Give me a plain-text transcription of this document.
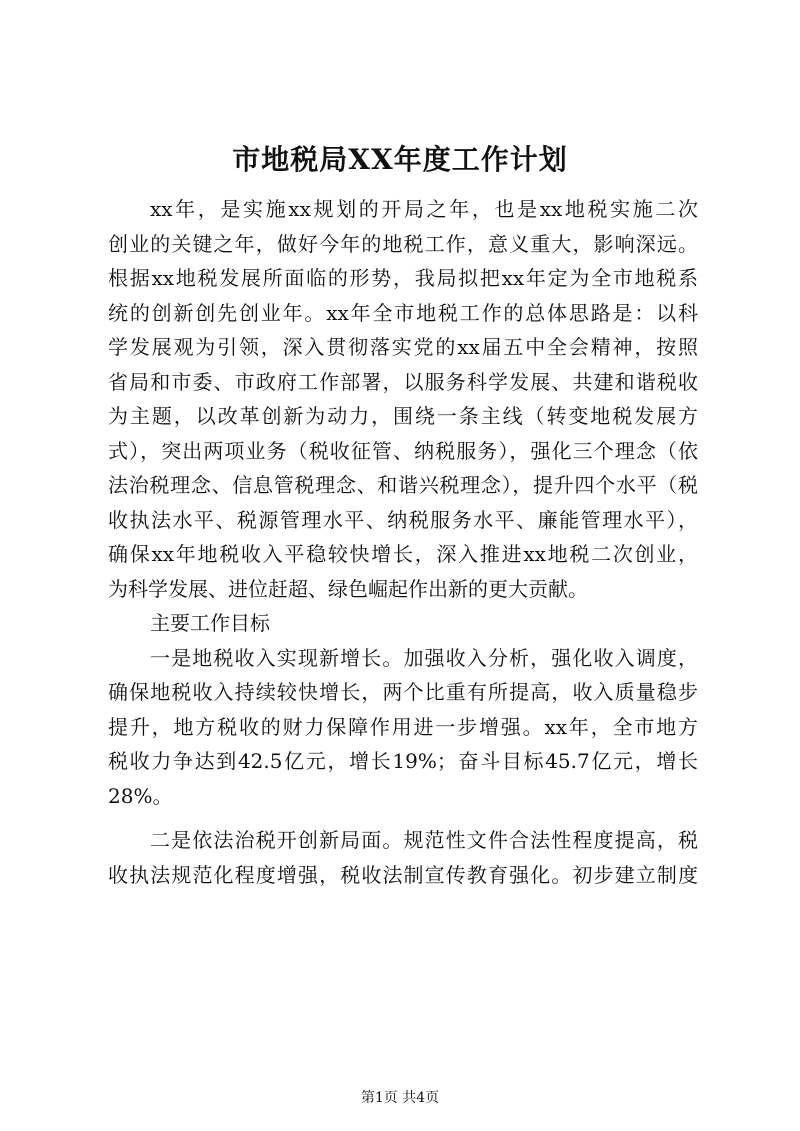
市地税局XX年度工作计划
xx年，是实施xx规划的开局之年，也是xx地税实施二次
创业的关键之年，做好今年的地税工作，意义重大，影响深远。
根据xx地税发展所面临的形势，我局拟把xx年定为全市地税系
统的创新创先创业年。xx年全市地税工作的总体思路是：以科
学发展观为引领，深入贯彻落实党的xx届五中全会精神，按照
省局和市委、市政府工作部署，以服务科学发展、共建和谐税收
为主题，以改革创新为动力，围绕一条主线（转变地税发展方
式），突出两项业务（税收征管、纳税服务），强化三个理念（依
法治税理念、信息管税理念、和谐兴税理念），提升四个水平（税
收执法水平、税源管理水平、纳税服务水平、廉能管理水平），
确保xx年地税收入平稳较快增长，深入推进xx地税二次创业，
为科学发展、进位赶超、绿色崛起作出新的更大贡献。
主要工作目标
一是地税收入实现新增长。加强收入分析，强化收入调度，
确保地税收入持续较快增长，两个比重有所提高，收入质量稳步
提升，地方税收的财力保障作用进一步增强。xx年，全市地方
税收力争达到42.5亿元，增长19%；奋斗目标45.7亿元，增长
28%。
二是依法治税开创新局面。规范性文件合法性程度提高，税
收执法规范化程度增强，税收法制宣传教育强化。初步建立制度
第1页 共4页
